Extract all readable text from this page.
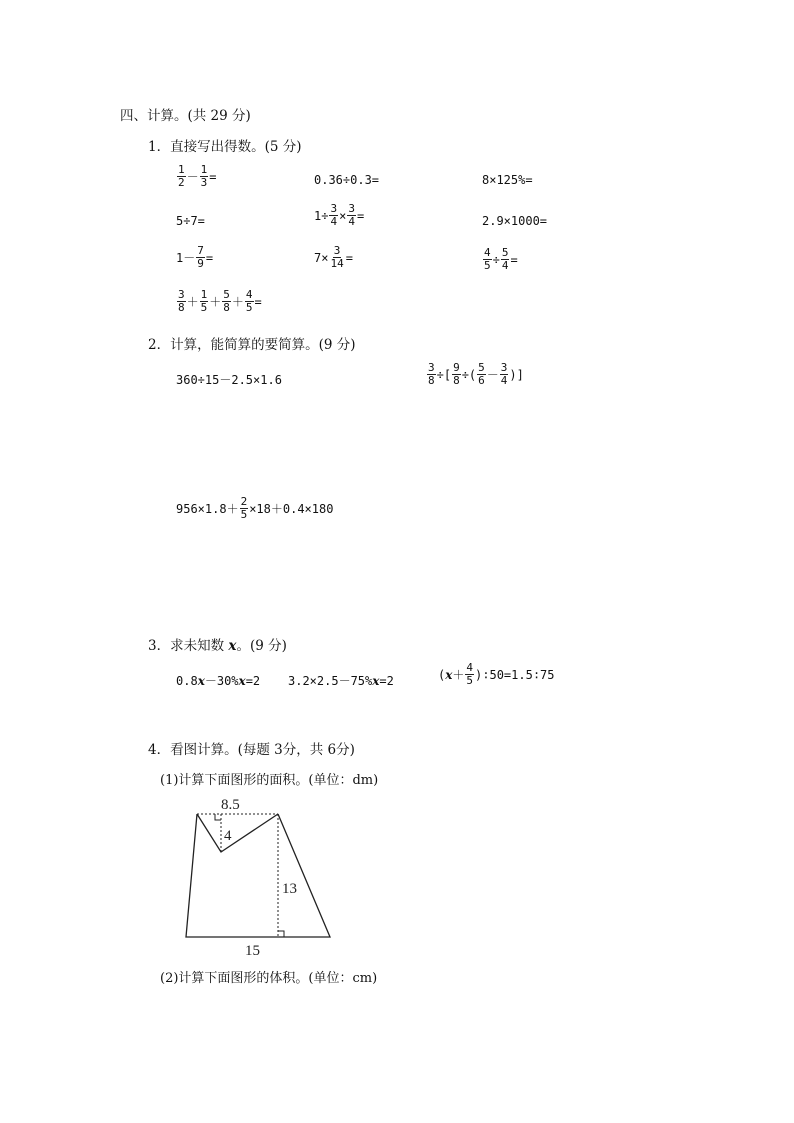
四、计算。(共 29 分)
1．直接写出得数。(5 分)
$\frac{1}{2} - \frac{1}{3}$ =	0.36÷0.3=	8×125%=
5÷7=	$1\div \frac{3}{4} \times \frac{3}{4}$ =	2.9×1000=
$1- \frac{7}{9}$ =	$7\times \frac{3}{14}$ =	$\frac{4}{5} \div \frac{5}{4}$ =
$\frac{3}{8} + \frac{1}{5} + \frac{5}{8} + \frac{4}{5}$ =
2．计算，能简算的要简算。(9 分)
360÷15－2.5×1.6	$\frac{3}{8}$ ÷[ $\frac{9}{8}$ ÷( $\frac{5}{6} - \frac{3}{4}$ )]
$956\times 1.8+ \frac{2}{5} \times 18+0.4\times 180$
3．求未知数 x。(9 分)
0.8 x －30% x =2 3.2×2.5－75% x =2	( $x + \frac{4}{5}$ )∶50=1.5∶75
4．看图计算。(每题 3分，共 6分)
(1)计算下面图形的面积。(单位：dm)
8.5
4
13
15
(2)计算下面图形的体积。(单位：cm)
